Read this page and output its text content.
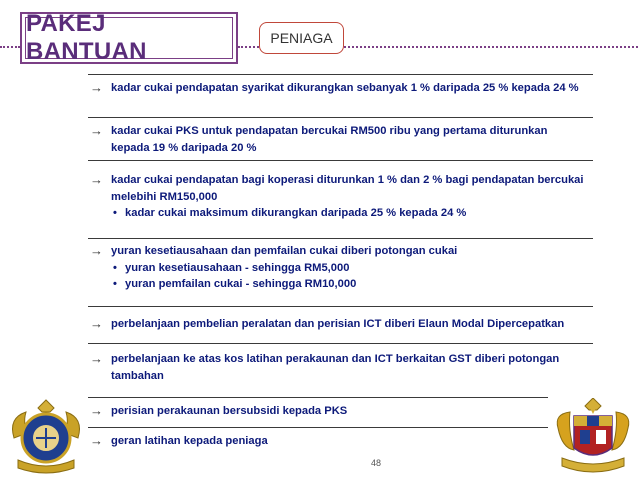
PAKEJ BANTUAN	PENIAGA
→ kadar cukai pendapatan syarikat dikurangkan sebanyak 1 % daripada 25 % kepada 24 %
→ kadar cukai PKS untuk pendapatan bercukai RM500 ribu yang pertama diturunkan kepada 19 % daripada 20 %
→ kadar cukai pendapatan bagi koperasi diturunkan 1 % dan 2 % bagi pendapatan bercukai melebihi RM150,000
• kadar cukai maksimum dikurangkan daripada 25 % kepada 24 %
→ yuran kesetiausahaan dan pemfailan cukai diberi potongan cukai
• yuran kesetiausahaan - sehingga RM5,000
• yuran pemfailan cukai - sehingga RM10,000
→ perbelanjaan pembelian peralatan dan perisian ICT diberi Elaun Modal Dipercepatkan
→ perbelanjaan ke atas kos latihan perakaunan dan ICT berkaitan GST diberi potongan tambahan
→ perisian perakaunan bersubsidi kepada PKS
→ geran latihan kepada peniaga
48
